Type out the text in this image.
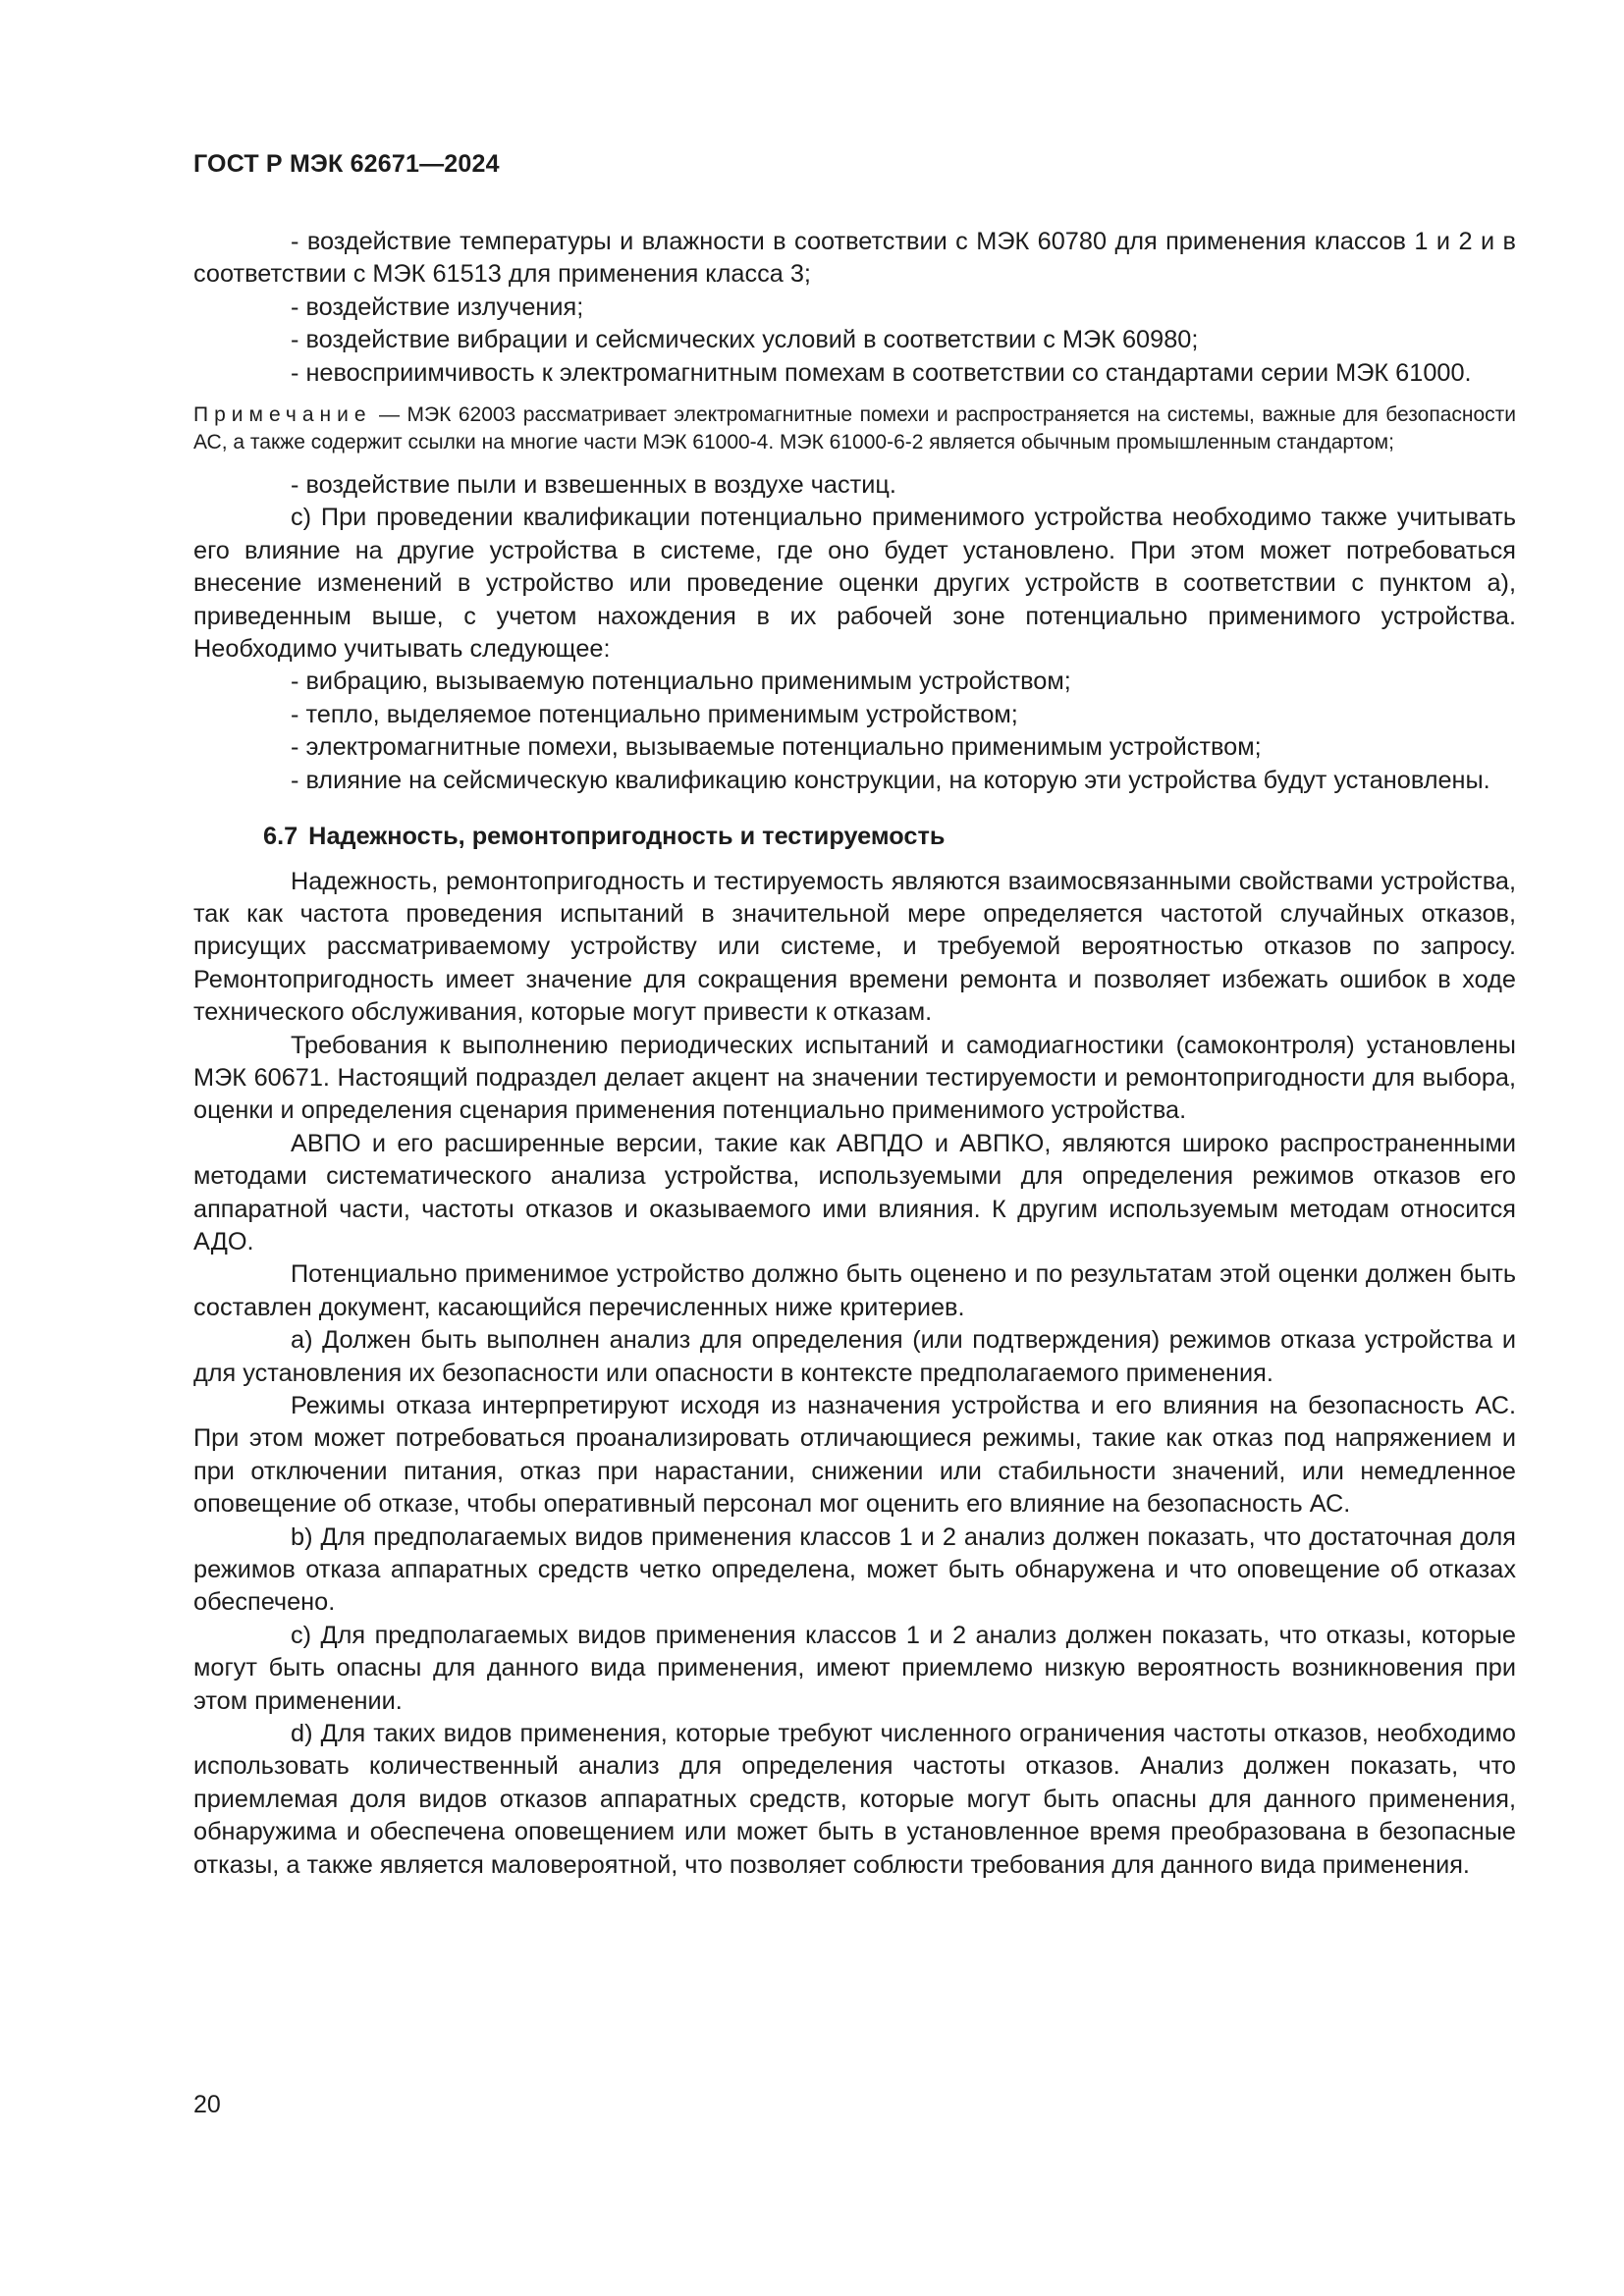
ГОСТ Р МЭК 62671—2024

- воздействие температуры и влажности в соответствии с МЭК 60780 для применения классов 1 и 2 и в соответствии с МЭК 61513 для применения класса 3;

- воздействие излучения;

- воздействие вибрации и сейсмических условий в соответствии с МЭК 60980;

- невосприимчивость к электромагнитным помехам в соответствии со стандартами серии МЭК 61000.

Примечание — МЭК 62003 рассматривает электромагнитные помехи и распространяется на системы, важные для безопасности АС, а также содержит ссылки на многие части МЭК 61000-4. МЭК 61000-6-2 является обычным промышленным стандартом;

- воздействие пыли и взвешенных в воздухе частиц.

с) При проведении квалификации потенциально применимого устройства необходимо также учитывать его влияние на другие устройства в системе, где оно будет установлено. При этом может потребоваться внесение изменений в устройство или проведение оценки других устройств в соответствии с пунктом а), приведенным выше, с учетом нахождения в их рабочей зоне потенциально применимого устройства. Необходимо учитывать следующее:

- вибрацию, вызываемую потенциально применимым устройством;

- тепло, выделяемое потенциально применимым устройством;

- электромагнитные помехи, вызываемые потенциально применимым устройством;

- влияние на сейсмическую квалификацию конструкции, на которую эти устройства будут установлены.

6.7 Надежность, ремонтопригодность и тестируемость

Надежность, ремонтопригодность и тестируемость являются взаимосвязанными свойствами устройства, так как частота проведения испытаний в значительной мере определяется частотой случайных отказов, присущих рассматриваемому устройству или системе, и требуемой вероятностью отказов по запросу. Ремонтопригодность имеет значение для сокращения времени ремонта и позволяет избежать ошибок в ходе технического обслуживания, которые могут привести к отказам.

Требования к выполнению периодических испытаний и самодиагностики (самоконтроля) установлены МЭК 60671. Настоящий подраздел делает акцент на значении тестируемости и ремонтопригодности для выбора, оценки и определения сценария применения потенциально применимого устройства.

АВПО и его расширенные версии, такие как АВПДО и АВПКО, являются широко распространенными методами систематического анализа устройства, используемыми для определения режимов отказов его аппаратной части, частоты отказов и оказываемого ими влияния. К другим используемым методам относится АДО.

Потенциально применимое устройство должно быть оценено и по результатам этой оценки должен быть составлен документ, касающийся перечисленных ниже критериев.

а) Должен быть выполнен анализ для определения (или подтверждения) режимов отказа устройства и для установления их безопасности или опасности в контексте предполагаемого применения.

Режимы отказа интерпретируют исходя из назначения устройства и его влияния на безопасность АС. При этом может потребоваться проанализировать отличающиеся режимы, такие как отказ под напряжением и при отключении питания, отказ при нарастании, снижении или стабильности значений, или немедленное оповещение об отказе, чтобы оперативный персонал мог оценить его влияние на безопасность АС.

b) Для предполагаемых видов применения классов 1 и 2 анализ должен показать, что достаточная доля режимов отказа аппаратных средств четко определена, может быть обнаружена и что оповещение об отказах обеспечено.

с) Для предполагаемых видов применения классов 1 и 2 анализ должен показать, что отказы, которые могут быть опасны для данного вида применения, имеют приемлемо низкую вероятность возникновения при этом применении.

d) Для таких видов применения, которые требуют численного ограничения частоты отказов, необходимо использовать количественный анализ для определения частоты отказов. Анализ должен показать, что приемлемая доля видов отказов аппаратных средств, которые могут быть опасны для данного применения, обнаружима и обеспечена оповещением или может быть в установленное время преобразована в безопасные отказы, а также является маловероятной, что позволяет соблюсти требования для данного вида применения.

20
